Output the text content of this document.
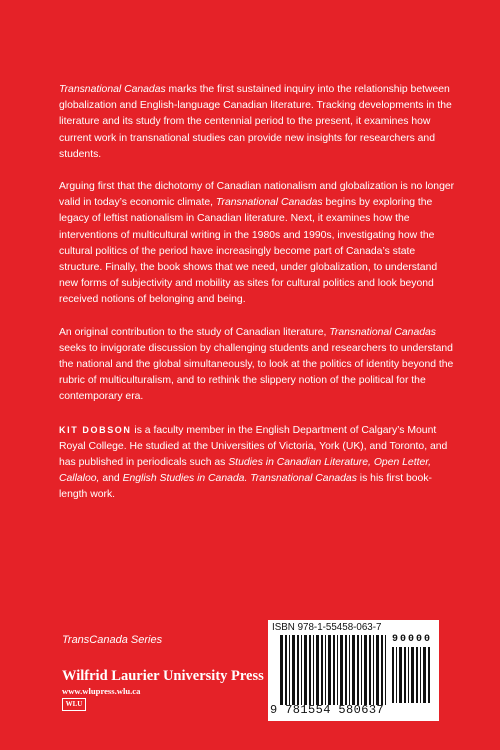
Transnational Canadas marks the first sustained inquiry into the relationship between globalization and English-language Canadian literature. Tracking developments in the literature and its study from the centennial period to the present, it examines how current work in transnational studies can provide new insights for researchers and students.

Arguing first that the dichotomy of Canadian nationalism and globalization is no longer valid in today’s economic climate, Transnational Canadas begins by exploring the legacy of leftist nationalism in Canadian literature. Next, it examines how the interventions of multicultural writing in the 1980s and 1990s, investigating how the cultural politics of the period have increasingly become part of Canada’s state structure. Finally, the book shows that we need, under globalization, to understand new forms of subjectivity and mobility as sites for cultural politics and look beyond received notions of belonging and being.

An original contribution to the study of Canadian literature, Transnational Canadas seeks to invigorate discussion by challenging students and researchers to understand the national and the global simultaneously, to look at the politics of identity beyond the rubric of multiculturalism, and to rethink the slippery notion of the political for the contemporary era.

KIT DOBSON is a faculty member in the English Department of Calgary’s Mount Royal College. He studied at the Universities of Victoria, York (UK), and Toronto, and has published in periodicals such as Studies in Canadian Literature, Open Letter, Callaloo, and English Studies in Canada. Transnational Canadas is his first book-length work.

TransCanada Series
Wilfrid Laurier University Press
www.wlupress.wlu.ca
WLU
ISBN 978-1-55458-063-7
90000
9 781554 580637
